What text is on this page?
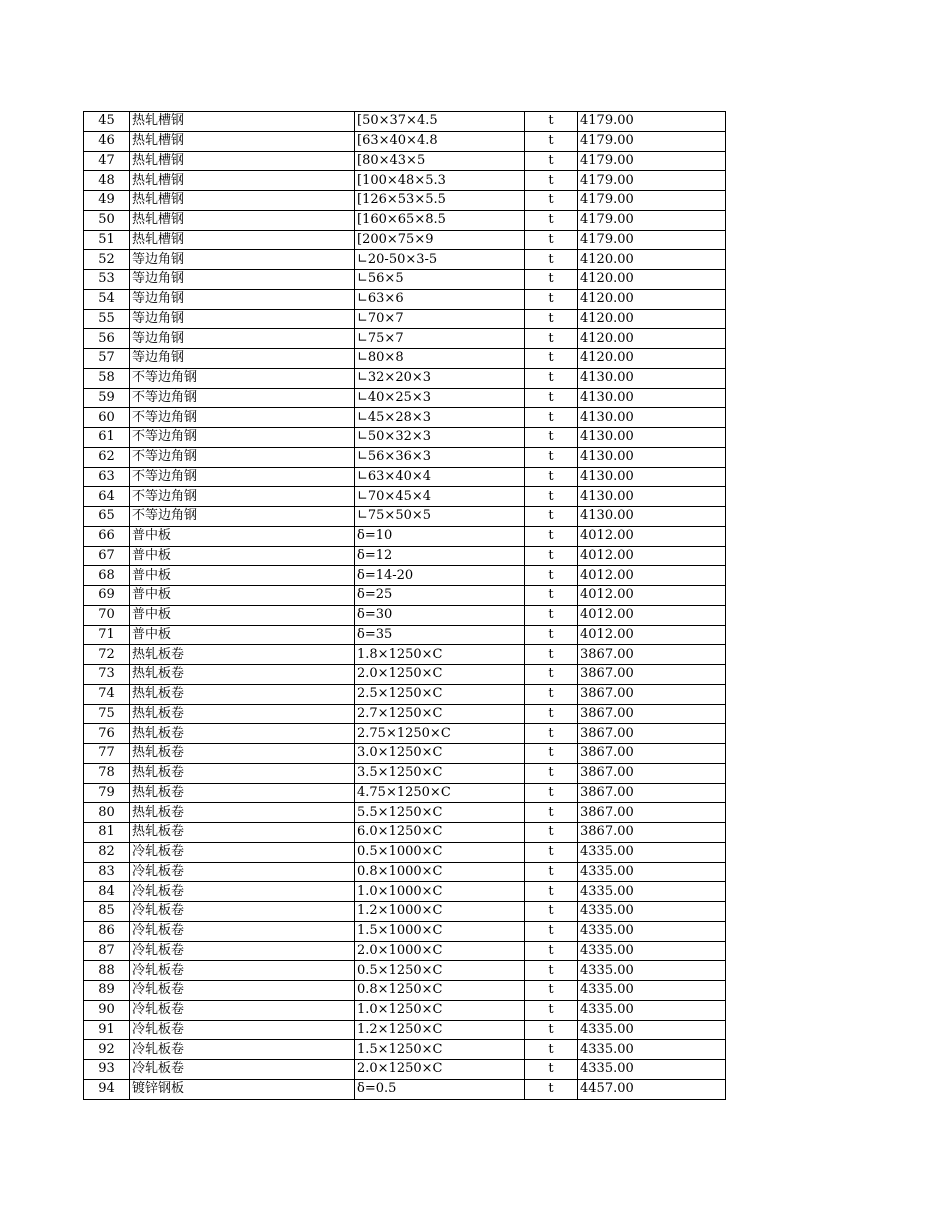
45	热轧槽钢	[50×37×4.5	t	4179.00
46	热轧槽钢	[63×40×4.8	t	4179.00
47	热轧槽钢	[80×43×5	t	4179.00
48	热轧槽钢	[100×48×5.3	t	4179.00
49	热轧槽钢	[126×53×5.5	t	4179.00
50	热轧槽钢	[160×65×8.5	t	4179.00
51	热轧槽钢	[200×75×9	t	4179.00
52	等边角钢	∟20-50×3-5	t	4120.00
53	等边角钢	∟56×5	t	4120.00
54	等边角钢	∟63×6	t	4120.00
55	等边角钢	∟70×7	t	4120.00
56	等边角钢	∟75×7	t	4120.00
57	等边角钢	∟80×8	t	4120.00
58	不等边角钢	∟32×20×3	t	4130.00
59	不等边角钢	∟40×25×3	t	4130.00
60	不等边角钢	∟45×28×3	t	4130.00
61	不等边角钢	∟50×32×3	t	4130.00
62	不等边角钢	∟56×36×3	t	4130.00
63	不等边角钢	∟63×40×4	t	4130.00
64	不等边角钢	∟70×45×4	t	4130.00
65	不等边角钢	∟75×50×5	t	4130.00
66	普中板	δ=10	t	4012.00
67	普中板	δ=12	t	4012.00
68	普中板	δ=14-20	t	4012.00
69	普中板	δ=25	t	4012.00
70	普中板	δ=30	t	4012.00
71	普中板	δ=35	t	4012.00
72	热轧板卷	1.8×1250×C	t	3867.00
73	热轧板卷	2.0×1250×C	t	3867.00
74	热轧板卷	2.5×1250×C	t	3867.00
75	热轧板卷	2.7×1250×C	t	3867.00
76	热轧板卷	2.75×1250×C	t	3867.00
77	热轧板卷	3.0×1250×C	t	3867.00
78	热轧板卷	3.5×1250×C	t	3867.00
79	热轧板卷	4.75×1250×C	t	3867.00
80	热轧板卷	5.5×1250×C	t	3867.00
81	热轧板卷	6.0×1250×C	t	3867.00
82	冷轧板卷	0.5×1000×C	t	4335.00
83	冷轧板卷	0.8×1000×C	t	4335.00
84	冷轧板卷	1.0×1000×C	t	4335.00
85	冷轧板卷	1.2×1000×C	t	4335.00
86	冷轧板卷	1.5×1000×C	t	4335.00
87	冷轧板卷	2.0×1000×C	t	4335.00
88	冷轧板卷	0.5×1250×C	t	4335.00
89	冷轧板卷	0.8×1250×C	t	4335.00
90	冷轧板卷	1.0×1250×C	t	4335.00
91	冷轧板卷	1.2×1250×C	t	4335.00
92	冷轧板卷	1.5×1250×C	t	4335.00
93	冷轧板卷	2.0×1250×C	t	4335.00
94	镀锌钢板	δ=0.5	t	4457.00
